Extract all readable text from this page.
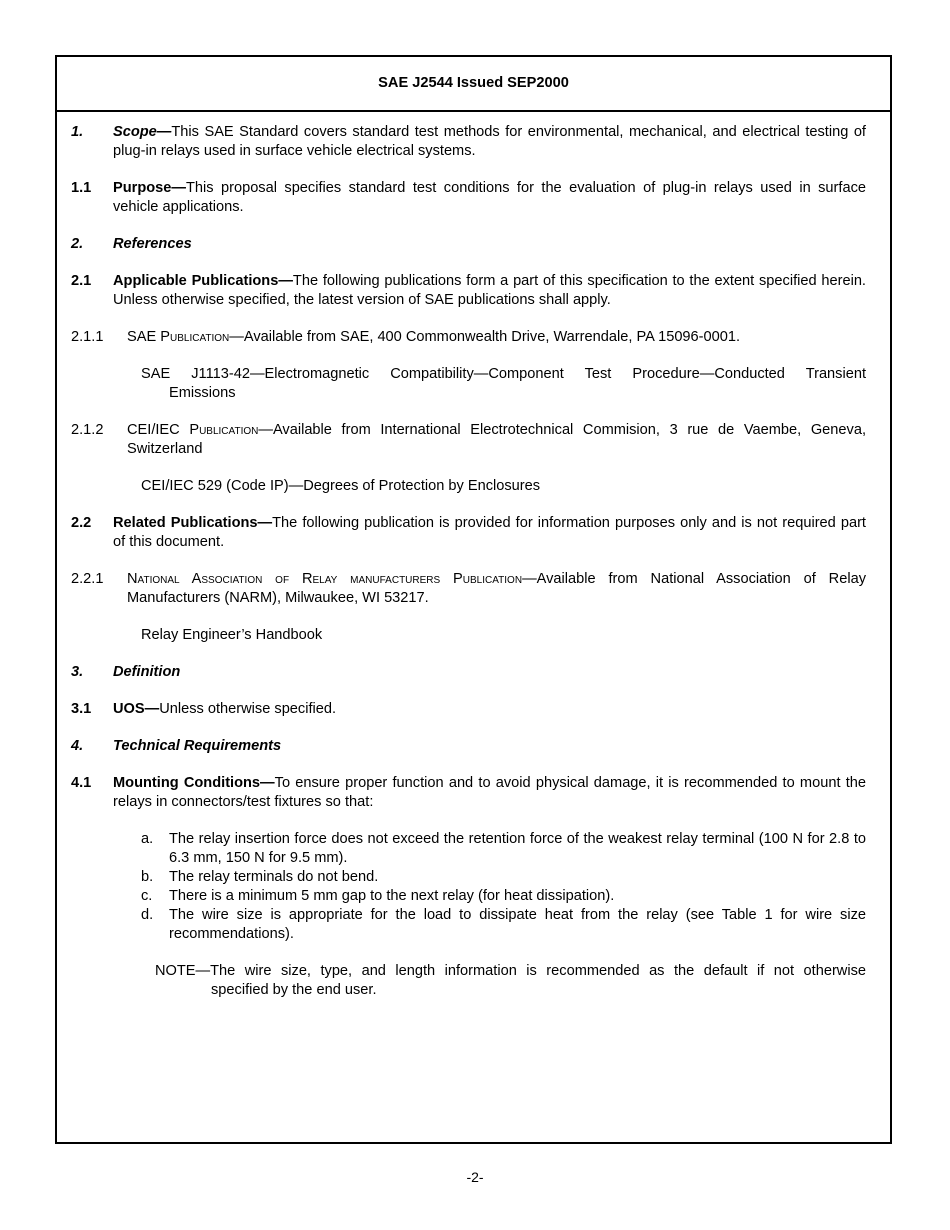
SAE J2544 Issued SEP2000
1. Scope—This SAE Standard covers standard test methods for environmental, mechanical, and electrical testing of plug-in relays used in surface vehicle electrical systems.
1.1 Purpose—This proposal specifies standard test conditions for the evaluation of plug-in relays used in surface vehicle applications.
2. References
2.1 Applicable Publications—The following publications form a part of this specification to the extent specified herein. Unless otherwise specified, the latest version of SAE publications shall apply.
2.1.1 SAE Publication—Available from SAE, 400 Commonwealth Drive, Warrendale, PA 15096-0001.
SAE J1113-42—Electromagnetic Compatibility—Component Test Procedure—Conducted Transient
Emissions
2.1.2 CEI/IEC Publication—Available from International Electrotechnical Commision, 3 rue de Vaembe, Geneva, Switzerland
CEI/IEC 529 (Code IP)—Degrees of Protection by Enclosures
2.2 Related Publications—The following publication is provided for information purposes only and is not required part of this document.
2.2.1 National Association of Relay manufacturers Publication—Available from National Association of Relay Manufacturers (NARM), Milwaukee, WI 53217.
Relay Engineer’s Handbook
3. Definition
3.1 UOS—Unless otherwise specified.
4. Technical Requirements
4.1 Mounting Conditions—To ensure proper function and to avoid physical damage, it is recommended to mount the relays in connectors/test fixtures so that:
a. The relay insertion force does not exceed the retention force of the weakest relay terminal (100 N for 2.8 to 6.3 mm, 150 N for 9.5 mm).
b. The relay terminals do not bend.
c. There is a minimum 5 mm gap to the next relay (for heat dissipation).
d. The wire size is appropriate for the load to dissipate heat from the relay (see Table 1 for wire size recommendations).
NOTE—The wire size, type, and length information is recommended as the default if not otherwise
specified by the end user.
-2-
